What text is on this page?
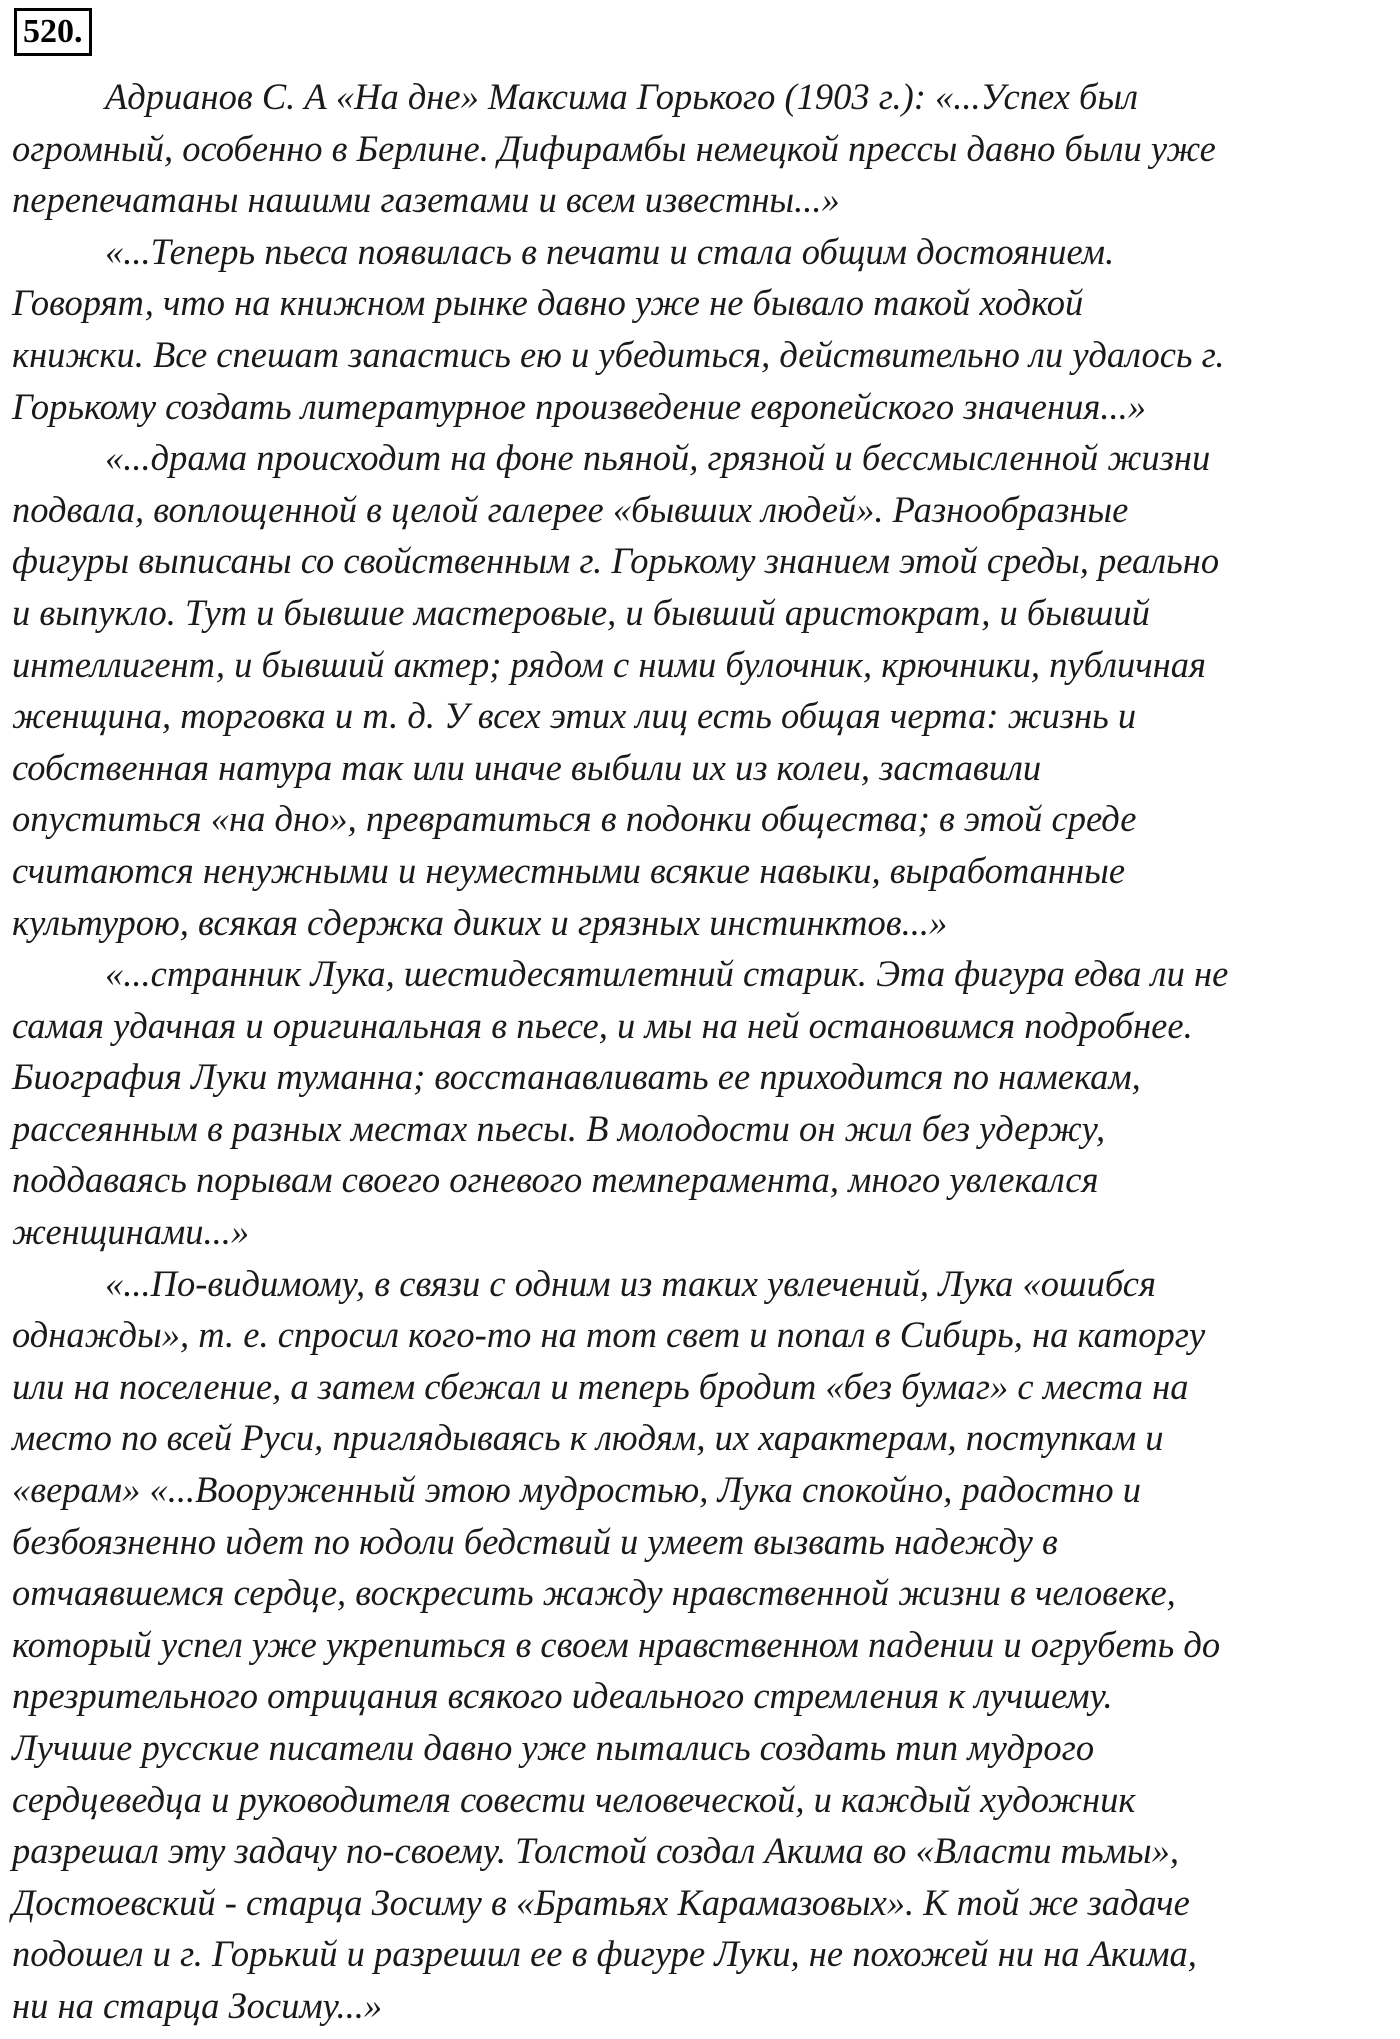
520.
Адрианов С. А «На дне» Максима Горького (1903 г.): «...Успех был
огромный, особенно в Берлине. Дифирамбы немецкой прессы давно были уже
перепечатаны нашими газетами и всем известны...»
«...Теперь пьеса появилась в печати и стала общим достоянием.
Говорят, что на книжном рынке давно уже не бывало такой ходкой
книжки. Все спешат запастись ею и убедиться, действительно ли удалось г.
Горькому создать литературное произведение европейского значения...»
«...драма происходит на фоне пьяной, грязной и бессмысленной жизни
подвала, воплощенной в целой галерее «бывших людей». Разнообразные
фигуры выписаны со свойственным г. Горькому знанием этой среды, реально
и выпукло. Тут и бывшие мастеровые, и бывший аристократ, и бывший
интеллигент, и бывший актер; рядом с ними булочник, крючники, публичная
женщина, торговка и т. д. У всех этих лиц есть общая черта: жизнь и
собственная натура так или иначе выбили их из колеи, заставили
опуститься «на дно», превратиться в подонки общества; в этой среде
считаются ненужными и неуместными всякие навыки, выработанные
культурою, всякая сдержка диких и грязных инстинктов...»
«...странник Лука, шестидесятилетний старик. Эта фигура едва ли не
самая удачная и оригинальная в пьесе, и мы на ней остановимся подробнее.
Биография Луки туманна; восстанавливать ее приходится по намекам,
рассеянным в разных местах пьесы. В молодости он жил без удержу,
поддаваясь порывам своего огневого темперамента, много увлекался
женщинами...»
«...По-видимому, в связи с одним из таких увлечений, Лука «ошибся
однажды», т. е. спросил кого-то на тот свет и попал в Сибирь, на каторгу
или на поселение, а затем сбежал и теперь бродит «без бумаг» с места на
место по всей Руси, приглядываясь к людям, их характерам, поступкам и
«верам» «...Вооруженный этою мудростью, Лука спокойно, радостно и
безбоязненно идет по юдоли бедствий и умеет вызвать надежду в
отчаявшемся сердце, воскресить жажду нравственной жизни в человеке,
который успел уже укрепиться в своем нравственном падении и огрубеть до
презрительного отрицания всякого идеального стремления к лучшему.
Лучшие русские писатели давно уже пытались создать тип мудрого
сердцеведца и руководителя совести человеческой, и каждый художник
разрешал эту задачу по-своему. Толстой создал Акима во «Власти тьмы»,
Достоевский - старца Зосиму в «Братьях Карамазовых». К той же задаче
подошел и г. Горький и разрешил ее в фигуре Луки, не похожей ни на Акима,
ни на старца Зосиму...»
